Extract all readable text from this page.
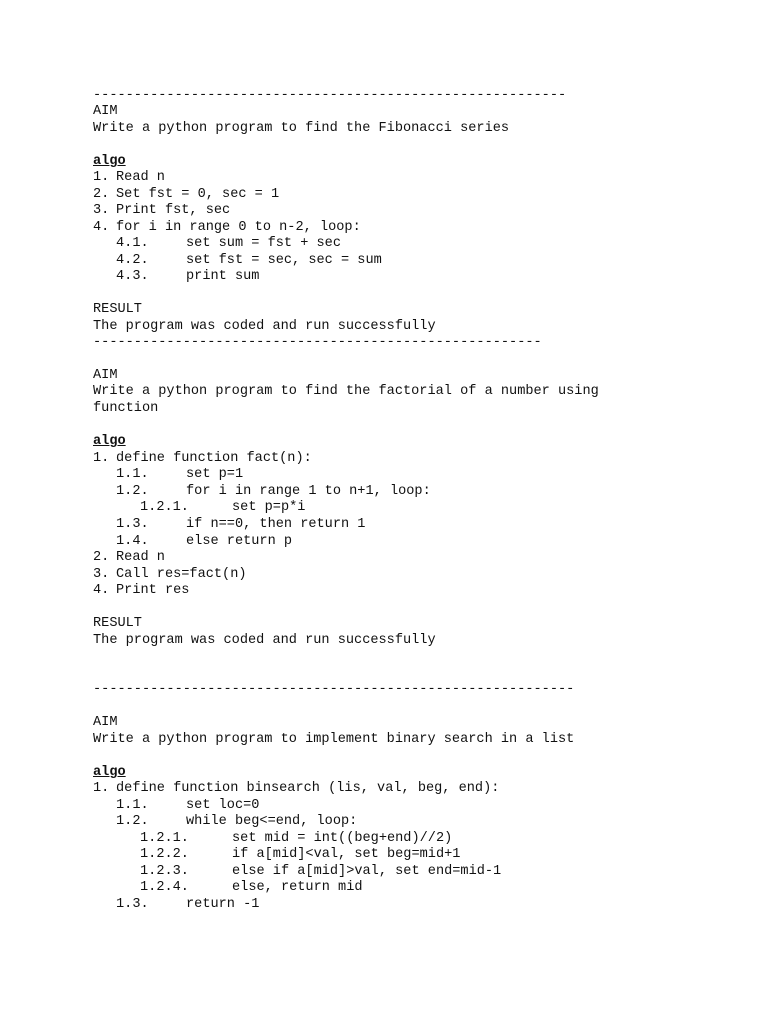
----------------------------------------------------------
AIM
Write a python program to find the Fibonacci series
algo
1. Read n
2. Set fst = 0, sec = 1
3. Print fst, sec
4. for i in range 0 to n-2, loop:
4.1.	set sum = fst + sec
4.2.	set fst = sec, sec = sum
4.3.	print sum
RESULT
The program was coded and run successfully
-------------------------------------------------------
AIM
Write a python program to find the factorial of a number using
function
algo
1. define function fact(n):
1.1.	set p=1
1.2.	for i in range 1 to n+1, loop:
1.2.1.	set p=p*i
1.3.	if n==0, then return 1
1.4.	else return p
2. Read n
3. Call res=fact(n)
4. Print res
RESULT
The program was coded and run successfully
-----------------------------------------------------------
AIM
Write a python program to implement binary search in a list
algo
1. define function binsearch (lis, val, beg, end):
1.1.	set loc=0
1.2.	while beg<=end, loop:
1.2.1.	set mid = int((beg+end)//2)
1.2.2.	if a[mid]<val, set beg=mid+1
1.2.3.	else if a[mid]>val, set end=mid-1
1.2.4.	else, return mid
1.3.	return -1
